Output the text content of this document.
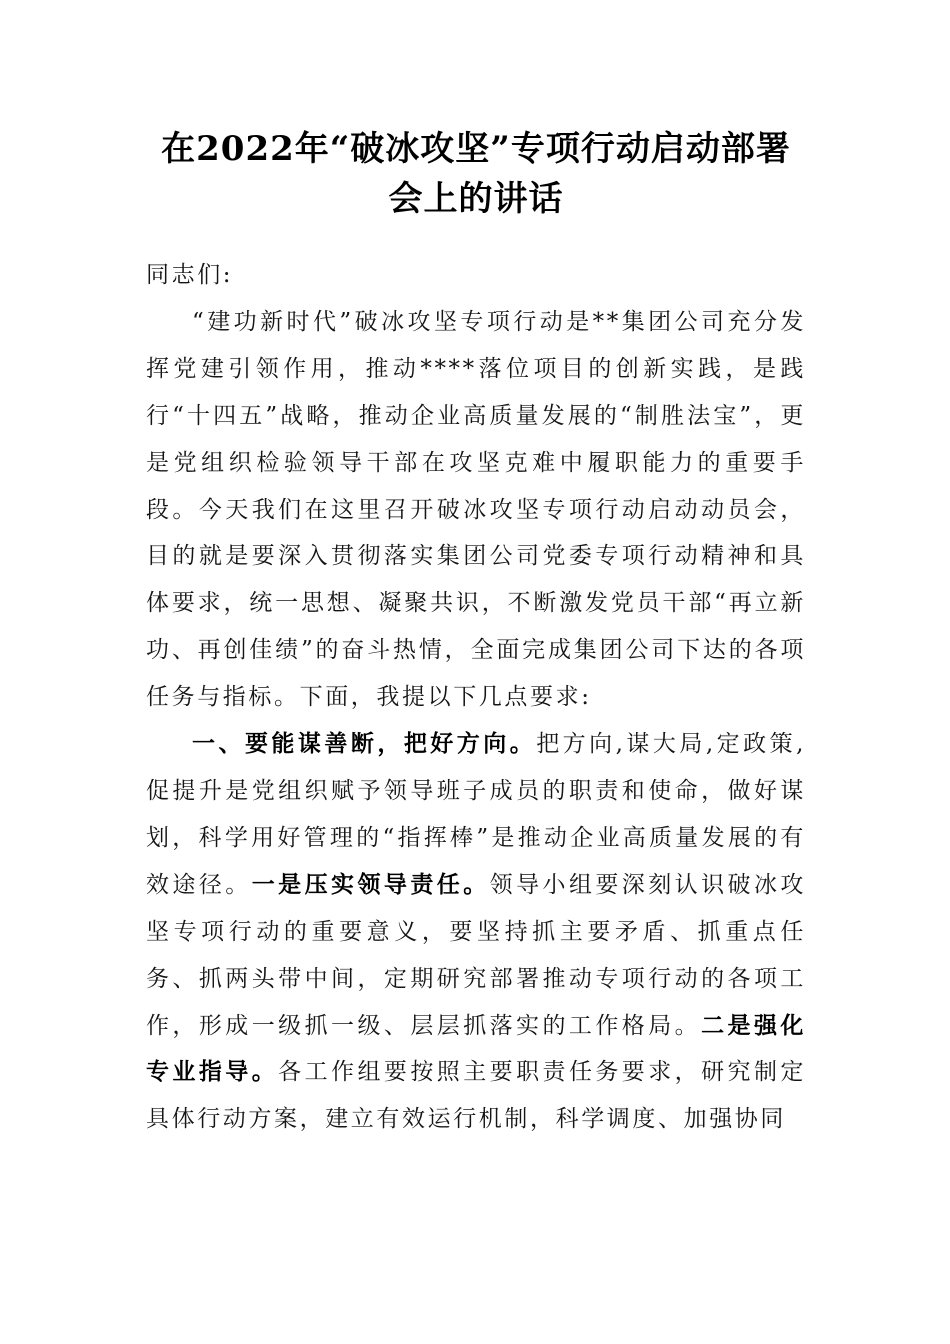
在2022年“破冰攻坚”专项行动启动部署
会上的讲话

同志们:

“建功新时代”破冰攻坚专项行动是**集团公司充分发挥党建引领作用，推动****落位项目的创新实践，是践行“十四五”战略，推动企业高质量发展的“制胜法宝”，更是党组织检验领导干部在攻坚克难中履职能力的重要手段。今天我们在这里召开破冰攻坚专项行动启动动员会，目的就是要深入贯彻落实集团公司党委专项行动精神和具体要求，统一思想、凝聚共识，不断激发党员干部“再立新功、再创佳绩”的奋斗热情，全面完成集团公司下达的各项任务与指标。下面，我提以下几点要求:

一、要能谋善断，把好方向。把方向,谋大局,定政策,促提升是党组织赋予领导班子成员的职责和使命，做好谋划，科学用好管理的“指挥棒”是推动企业高质量发展的有效途径。一是压实领导责任。领导小组要深刻认识破冰攻坚专项行动的重要意义，要坚持抓主要矛盾、抓重点任务、抓两头带中间，定期研究部署推动专项行动的各项工作，形成一级抓一级、层层抓落实的工作格局。二是强化专业指导。各工作组要按照主要职责任务要求，研究制定具体行动方案，建立有效运行机制，科学调度、加强协同
